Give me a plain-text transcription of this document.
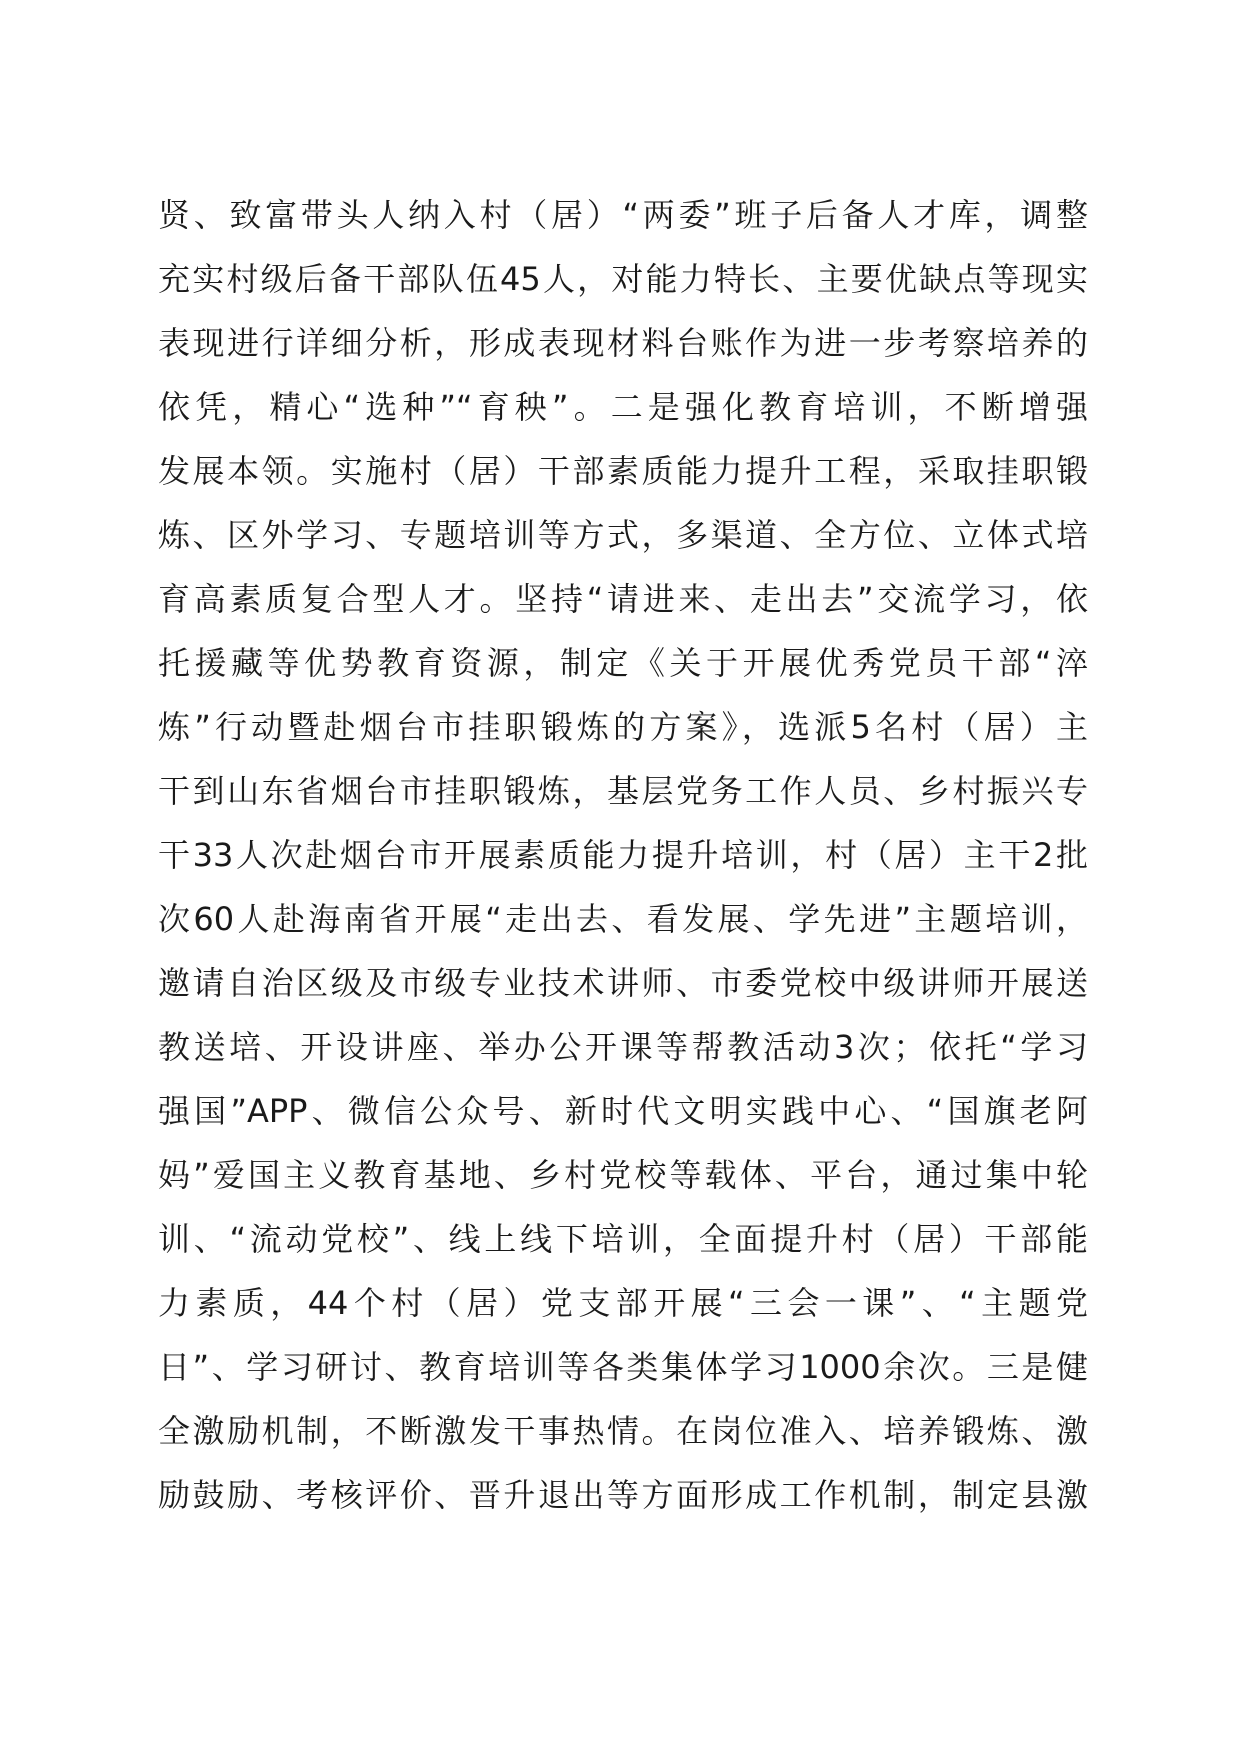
贤、致富带头人纳入村（居）“两委”班子后备人才库，调整
充实村级后备干部队伍45人，对能力特长、主要优缺点等现实
表现进行详细分析，形成表现材料台账作为进一步考察培养的
依凭，精心“选种”“育秧”。二是强化教育培训，不断增强
发展本领。实施村（居）干部素质能力提升工程，采取挂职锻
炼、区外学习、专题培训等方式，多渠道、全方位、立体式培
育高素质复合型人才。坚持“请进来、走出去”交流学习，依
托援藏等优势教育资源，制定《关于开展优秀党员干部“淬
炼”行动暨赴烟台市挂职锻炼的方案》，选派5名村（居）主
干到山东省烟台市挂职锻炼，基层党务工作人员、乡村振兴专
干33人次赴烟台市开展素质能力提升培训，村（居）主干2批
次60人赴海南省开展“走出去、看发展、学先进”主题培训，
邀请自治区级及市级专业技术讲师、市委党校中级讲师开展送
教送培、开设讲座、举办公开课等帮教活动3次；依托“学习
强国”APP、微信公众号、新时代文明实践中心、“国旗老阿
妈”爱国主义教育基地、乡村党校等载体、平台，通过集中轮
训、“流动党校”、线上线下培训，全面提升村（居）干部能
力素质，44个村（居）党支部开展“三会一课”、“主题党
日”、学习研讨、教育培训等各类集体学习1000余次。三是健
全激励机制，不断激发干事热情。在岗位准入、培养锻炼、激
励鼓励、考核评价、晋升退出等方面形成工作机制，制定县激
